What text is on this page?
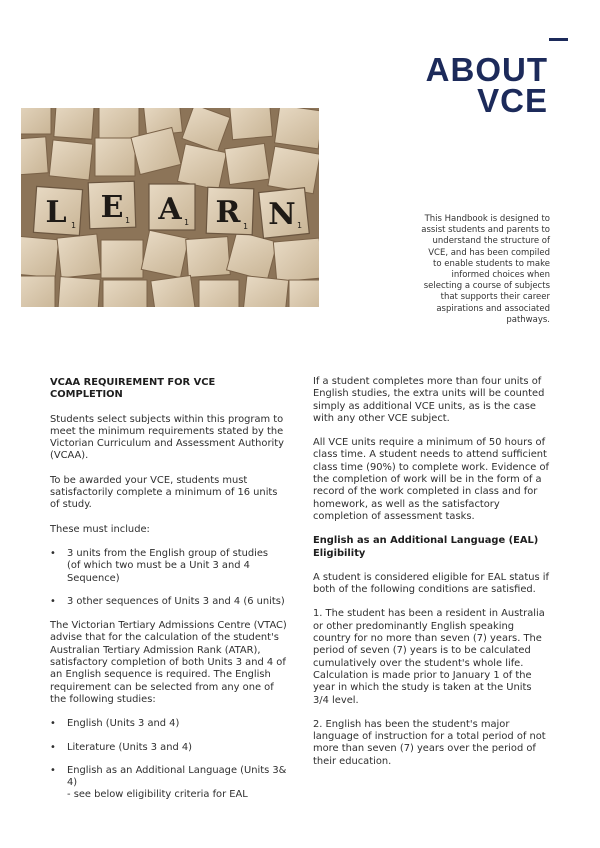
ABOUT
VCE
L E A R N
1
1	1	1	1
This Handbook is designed to assist students and parents to understand the structure of VCE, and has been compiled to enable students to make informed choices when selecting a course of subjects that supports their career aspirations and associated pathways.

VCAA REQUIREMENT FOR VCE COMPLETION

Students select subjects within this program to meet the minimum requirements stated by the Victorian Curriculum and Assessment Authority (VCAA).

To be awarded your VCE, students must satisfactorily complete a minimum of 16 units of study.

These must include:

• 3 units from the English group of studies
(of which two must be a Unit 3 and 4 Sequence)
• 3 other sequences of Units 3 and 4 (6 units)

The Victorian Tertiary Admissions Centre (VTAC) advise that for the calculation of the student's Australian Tertiary Admission Rank (ATAR), satisfactory completion of both Units 3 and 4 of an English sequence is required. The English requirement can be selected from any one of the following studies:

• English (Units 3 and 4)
• Literature (Units 3 and 4)
• English as an Additional Language (Units 3& 4)
- see below eligibility criteria for EAL

If a student completes more than four units of English studies, the extra units will be counted simply as additional VCE units, as is the case with any other VCE subject.

All VCE units require a minimum of 50 hours of class time. A student needs to attend sufficient class time (90%) to complete work. Evidence of the completion of work will be in the form of a record of the work completed in class and for homework, as well as the satisfactory completion of assessment tasks.

English as an Additional Language (EAL) Eligibility

A student is considered eligible for EAL status if both of the following conditions are satisfied.

1. The student has been a resident in Australia or other predominantly English speaking country for no more than seven (7) years. The period of seven (7) years is to be calculated cumulatively over the student's whole life. Calculation is made prior to January 1 of the year in which the study is taken at the Units 3/4 level.

2. English has been the student's major language of instruction for a total period of not more than seven (7) years over the period of their education.
